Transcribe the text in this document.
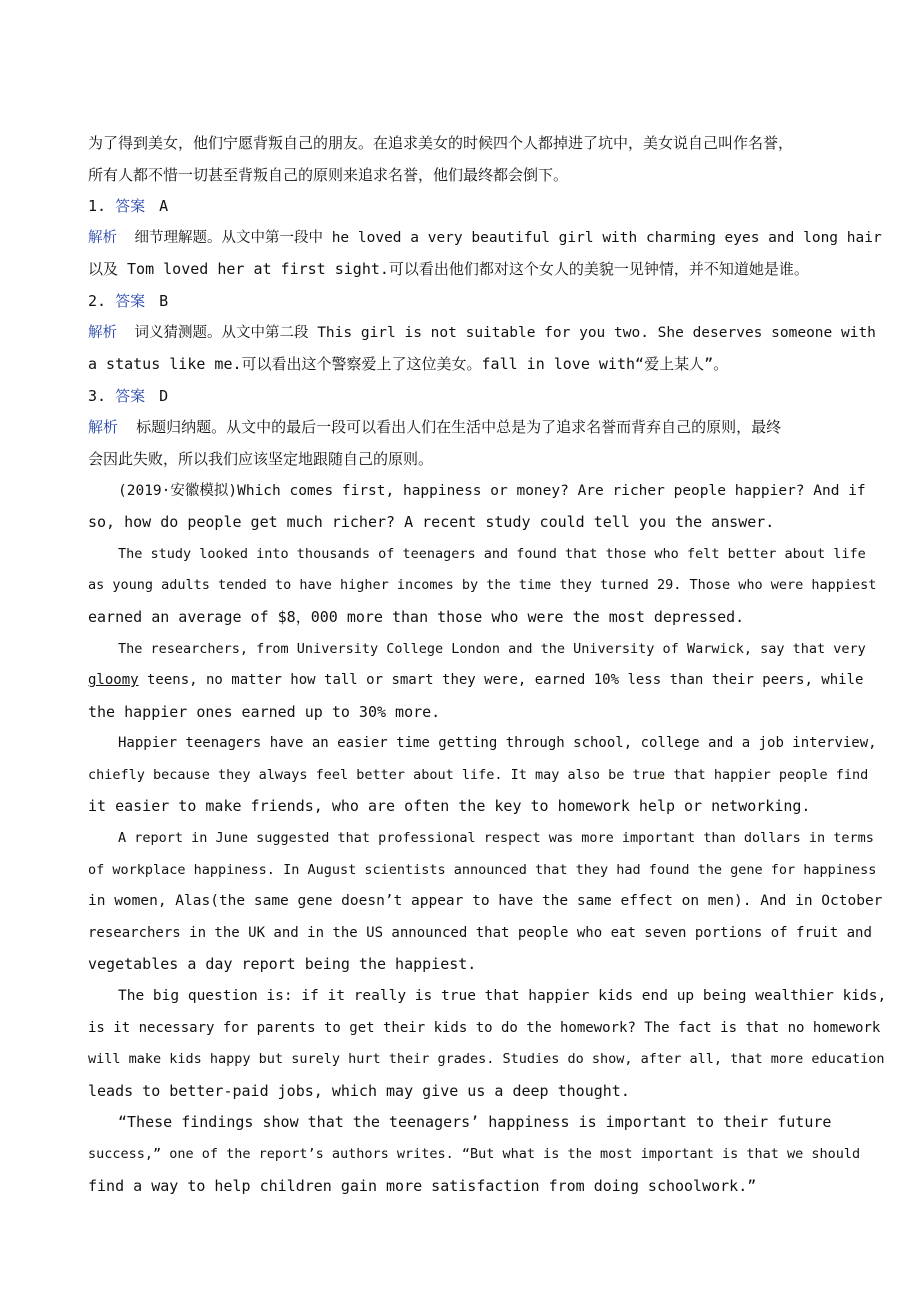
为了得到美女，他们宁愿背叛自己的朋友。在追求美女的时候四个人都掉进了坑中，美女说自己叫作名誉，
所有人都不惜一切甚至背叛自己的原则来追求名誉，他们最终都会倒下。
1. 答案 A
解析 细节理解题。从文中第一段中 he loved a very beautiful girl with charming eyes and long hair
以及 Tom loved her at first sight.可以看出他们都对这个女人的美貌一见钟情，并不知道她是谁。
2. 答案 B
解析 词义猜测题。从文中第二段 This girl is not suitable for you two. She deserves someone with
a status like me.可以看出这个警察爱上了这位美女。fall in love with“爱上某人”。
3. 答案 D
解析 标题归纳题。从文中的最后一段可以看出人们在生活中总是为了追求名誉而背弃自己的原则，最终
会因此失败，所以我们应该坚定地跟随自己的原则。
(2019·安徽模拟)Which comes first, happiness or money? Are richer people happier? And if
so, how do people get much richer? A recent study could tell you the answer.
The study looked into thousands of teenagers and found that those who felt better about life
as young adults tended to have higher incomes by the time they turned 29. Those who were happiest
earned an average of $8，000 more than those who were the most depressed.
The researchers, from University College London and the University of Warwick, say that very
gloomy teens, no matter how tall or smart they were, earned 10% less than their peers, while
the happier ones earned up to 30% more.
Happier teenagers have an easier time getting through school, college and a job interview,
chiefly because they always feel better about life. It may also be true that happier people find
it easier to make friends, who are often the key to homework help or networking.
A report in June suggested that professional respect was more important than dollars in terms
of workplace happiness. In August scientists announced that they had found the gene for happiness
in women, Alas(the same gene doesn’t appear to have the same effect on men). And in October
researchers in the UK and in the US announced that people who eat seven portions of fruit and
vegetables a day report being the happiest.
The big question is: if it really is true that happier kids end up being wealthier kids,
is it necessary for parents to get their kids to do the homework? The fact is that no homework
will make kids happy but surely hurt their grades. Studies do show, after all, that more education
leads to better-paid jobs, which may give us a deep thought.
“These findings show that the teenagers’ happiness is important to their future
success,” one of the report’s authors writes. “But what is the most important is that we should
find a way to help children gain more satisfaction from doing schoolwork.”
